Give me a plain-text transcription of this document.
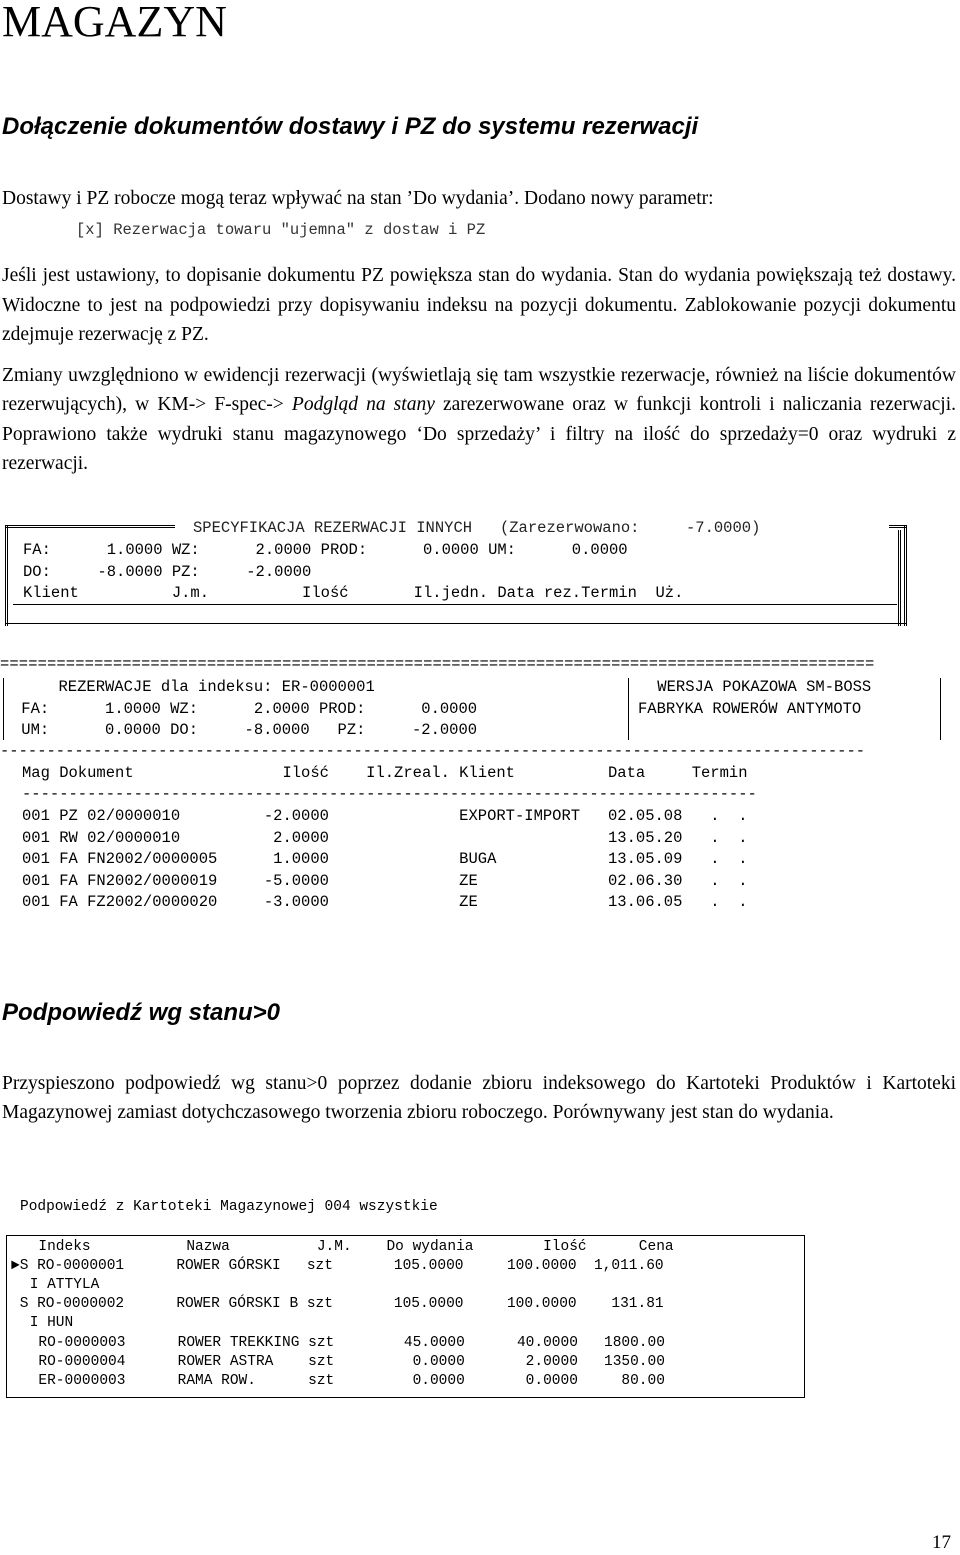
MAGAZYN
Dołączenie dokumentów dostawy i PZ do systemu rezerwacji

Dostawy i PZ robocze mogą teraz wpływać na stan ’Do wydania’. Dodano nowy parametr:

[x] Rezerwacja towaru "ujemna" z dostaw i PZ

Jeśli jest ustawiony, to dopisanie dokumentu PZ powiększa stan do wydania. Stan do wydania powiększają też dostawy. Widoczne to jest na podpowiedzi przy dopisywaniu indeksu na pozycji dokumentu. Zablokowanie pozycji dokumentu zdejmuje rezerwację z PZ.

Zmiany uwzględniono w ewidencji rezerwacji (wyświetlają się tam wszystkie rezerwacje, również na liście dokumentów rezerwujących), w KM-> F-spec-> Podgląd na stany zarezerwowane oraz w funkcji kontroli i naliczania rezerwacji. Poprawiono także wydruki stanu magazynowego ‘Do sprzedaży’ i filtry na ilość do sprzedaży=0 oraz wydruki z rezerwacji.

SPECYFIKACJA REZERWACJI INNYCH   (Zarezerwowano:     -7.0000)
FA:      1.0000 WZ:      2.0000 PROD:      0.0000 UM:      0.0000
DO:     -8.0000 PZ:     -2.0000
Klient          J.m.          Ilość       Il.jedn. Data rez.Termin  Uż.
=============================================================================================
REZERWACJE dla indeksu: ER-0000001	WERSJA POKAZOWA SM-BOSS
FA:      1.0000 WZ:      2.0000 PROD:      0.0000	FABRYKA ROWERÓW ANTYMOTO
UM:      0.0000 DO:     -8.0000   PZ:     -2.0000
---------------------------------------------------------------------------------------------
Mag Dokument                Ilość    Il.Zreal. Klient          Data     Termin
-------------------------------------------------------------------------------
001 PZ 02/0000010         -2.0000              EXPORT-IMPORT   02.05.08   .  .
001 RW 02/0000010          2.0000                              13.05.20   .  .
001 FA FN2002/0000005      1.0000              BUGA            13.05.09   .  .
001 FA FN2002/0000019     -5.0000              ZE              02.06.30   .  .
001 FA FZ2002/0000020     -3.0000              ZE              13.06.05   .  .
Podpowiedź wg stanu>0

Przyspieszono podpowiedź wg stanu>0 poprzez dodanie zbioru indeksowego do Kartoteki Produktów i Kartoteki Magazynowej zamiast dotychczasowego tworzenia zbioru roboczego. Porównywany jest stan do wydania.

Podpowiedź z Kartoteki Magazynowej 004 wszystkie
Indeks           Nazwa          J.M.    Do wydania        Ilość      Cena
►S RO-0000001      ROWER GÓRSKI   szt       105.0000     100.0000  1,011.60
I ATTYLA
S RO-0000002      ROWER GÓRSKI B szt       105.0000     100.0000    131.81
I HUN
RO-0000003      ROWER TREKKING szt        45.0000      40.0000   1800.00
RO-0000004      ROWER ASTRA    szt         0.0000       2.0000   1350.00
ER-0000003      RAMA ROW.      szt         0.0000       0.0000     80.00
17
